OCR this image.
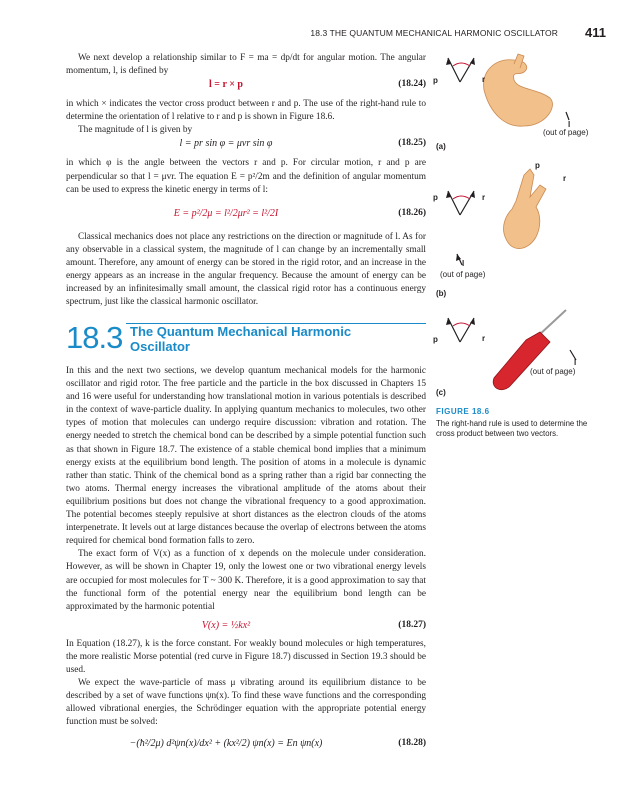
18.3 THE QUANTUM MECHANICAL HARMONIC OSCILLATOR 411

We next develop a relationship similar to F = ma = dp/dt for angular motion. The angular momentum, l, is defined by

l = r × p	(18.24)

in which × indicates the vector cross product between r and p. The use of the right-hand rule to determine the orientation of l relative to r and p is shown in Figure 18.6.

The magnitude of l is given by

l = pr sin φ = μvr sin φ	(18.25)

in which φ is the angle between the vectors r and p. For circular motion, r and p are perpendicular so that l = μvr. The equation E = p²/2m and the definition of angular momentum can be used to express the kinetic energy in terms of l:

E = p²/2μ = l²/2μr² = l²/2I	(18.26)

Classical mechanics does not place any restrictions on the direction or magnitude of l. As for any observable in a classical system, the magnitude of l can change by an incrementally small amount. Therefore, any amount of energy can be stored in the rigid rotor, and an increase in the energy appears as an increase in the angular frequency. Because the amount of energy can be increased by an infinitesimally small amount, the classical rigid rotor has a continuous energy spectrum, just like the classical harmonic oscillator.

18.3 The Quantum Mechanical Harmonic
Oscillator

In this and the next two sections, we develop quantum mechanical models for the harmonic oscillator and rigid rotor. The free particle and the particle in the box discussed in Chapters 15 and 16 were useful for understanding how translational motion in various potentials is described in the context of wave-particle duality. In applying quantum mechanics to molecules, two other types of motion that molecules can undergo require discussion: vibration and rotation. The energy needed to stretch the chemical bond can be described by a simple potential function such as that shown in Figure 18.7. The existence of a stable chemical bond implies that a minimum energy exists at the equilibrium bond length. The position of atoms in a molecule is dynamic rather than static. Think of the chemical bond as a spring rather than a rigid bar connecting the two atoms. Thermal energy increases the vibrational amplitude of the atoms about their equilibrium positions but does not change the vibrational frequency to a good approximation. The potential becomes steeply repulsive at short distances as the electron clouds of the atoms interpenetrate. It levels out at large distances because the overlap of electrons between the atoms required for chemical bond formation falls to zero.

The exact form of V(x) as a function of x depends on the molecule under consideration. However, as will be shown in Chapter 19, only the lowest one or two vibrational energy levels are occupied for most molecules for T ~ 300 K. Therefore, it is a good approximation to say that the functional form of the potential energy near the equilibrium bond length can be approximated by the harmonic potential

V(x) = ½kx²	(18.27)

In Equation (18.27), k is the force constant. For weakly bound molecules or high temperatures, the more realistic Morse potential (red curve in Figure 18.7) discussed in Section 19.3 should be used.

We expect the wave-particle of mass μ vibrating around its equilibrium distance to be described by a set of wave functions ψn(x). To find these wave functions and the corresponding allowed vibrational energies, the Schrödinger equation with the appropriate potential energy function must be solved:

−(ħ²/2μ) d²ψn(x)/dx² + (kx²/2) ψn(x) = En ψn(x)	(18.28)
p	r
l
(out of page)
(a)
p
r
p	r
l
(out of page)
(b)
p	r
l
(out of page)
(c)
FIGURE 18.6
The right-hand rule is used to determine the cross product between two vectors.
